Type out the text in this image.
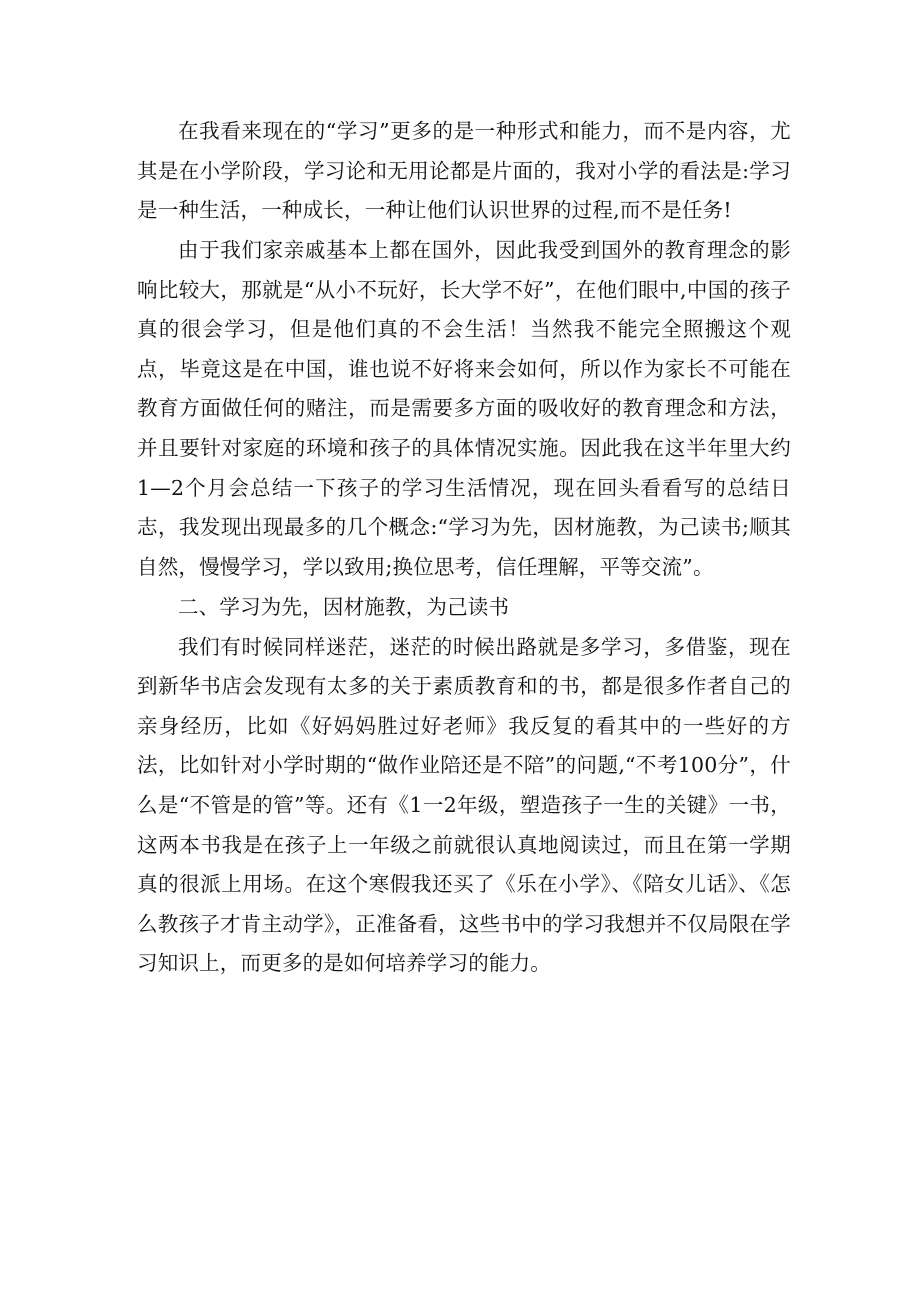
在我看来现在的“学习”更多的是一种形式和能力，而不是内容，尤其是在小学阶段，学习论和无用论都是片面的，我对小学的看法是:学习是一种生活，一种成长，一种让他们认识世界的过程,而不是任务!

由于我们家亲戚基本上都在国外，因此我受到国外的教育理念的影响比较大，那就是“从小不玩好，长大学不好”，在他们眼中,中国的孩子真的很会学习，但是他们真的不会生活！当然我不能完全照搬这个观点，毕竟这是在中国，谁也说不好将来会如何，所以作为家长不可能在教育方面做任何的赌注，而是需要多方面的吸收好的教育理念和方法，并且要针对家庭的环境和孩子的具体情况实施。因此我在这半年里大约1—2个月会总结一下孩子的学习生活情况，现在回头看看写的总结日志，我发现出现最多的几个概念:“学习为先，因材施教，为己读书;顺其自然，慢慢学习，学以致用;换位思考，信任理解，平等交流”。

二、学习为先，因材施教，为己读书

我们有时候同样迷茫，迷茫的时候出路就是多学习，多借鉴，现在到新华书店会发现有太多的关于素质教育和的书，都是很多作者自己的亲身经历，比如《好妈妈胜过好老师》我反复的看其中的一些好的方法，比如针对小学时期的“做作业陪还是不陪”的问题,“不考100分”，什么是“不管是的管”等。还有《1一2年级，塑造孩子一生的关键》一书，这两本书我是在孩子上一年级之前就很认真地阅读过，而且在第一学期真的很派上用场。在这个寒假我还买了《乐在小学》、《陪女儿话》、《怎么教孩子才肯主动学》，正准备看，这些书中的学习我想并不仅局限在学习知识上，而更多的是如何培养学习的能力。
